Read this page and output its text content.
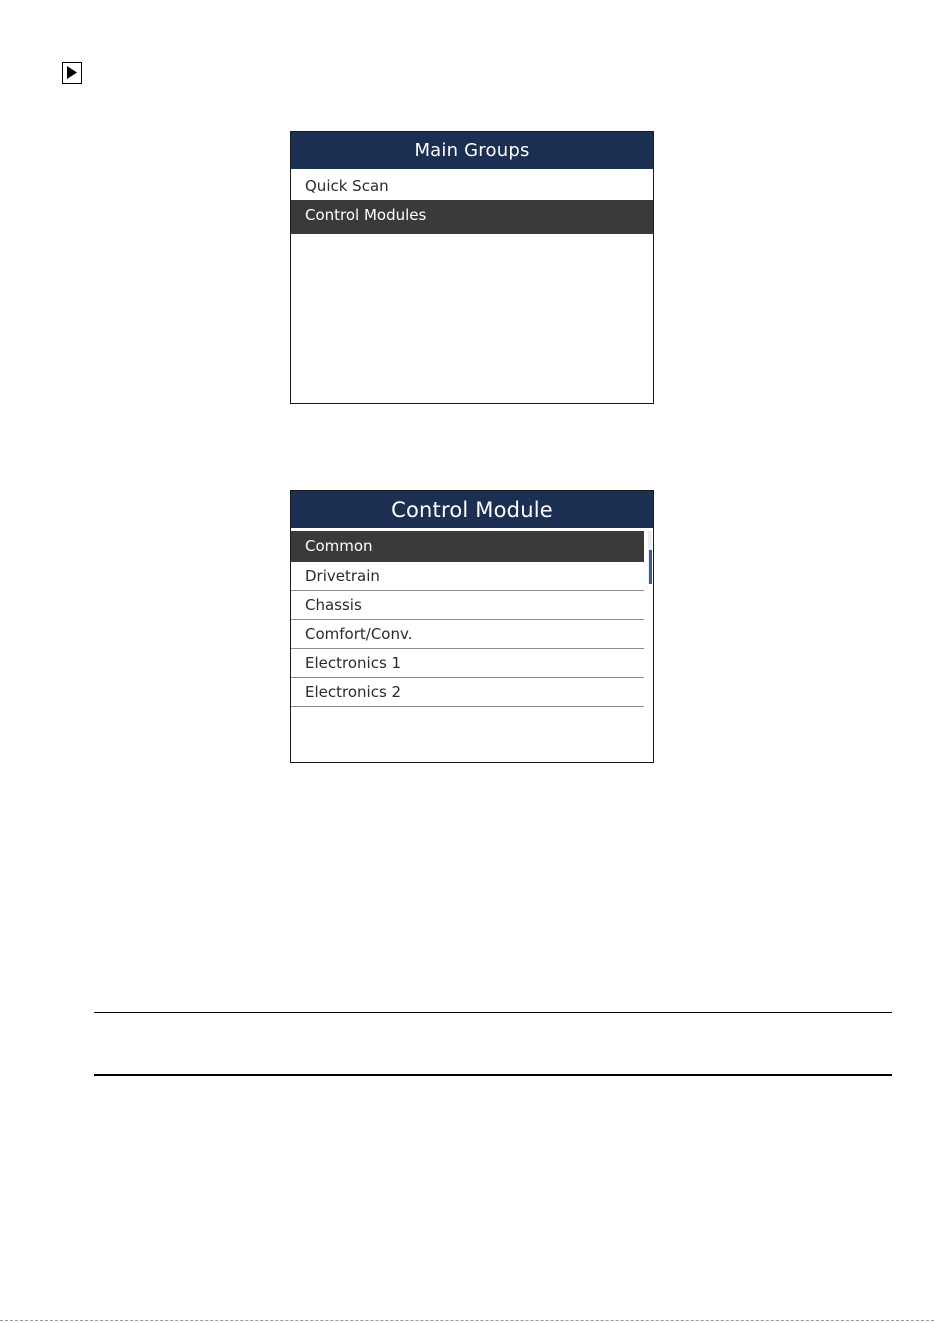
Main Groups
Quick Scan
Control Modules
Control Module
Common
Drivetrain
Chassis
Comfort/Conv.
Electronics 1
Electronics 2
